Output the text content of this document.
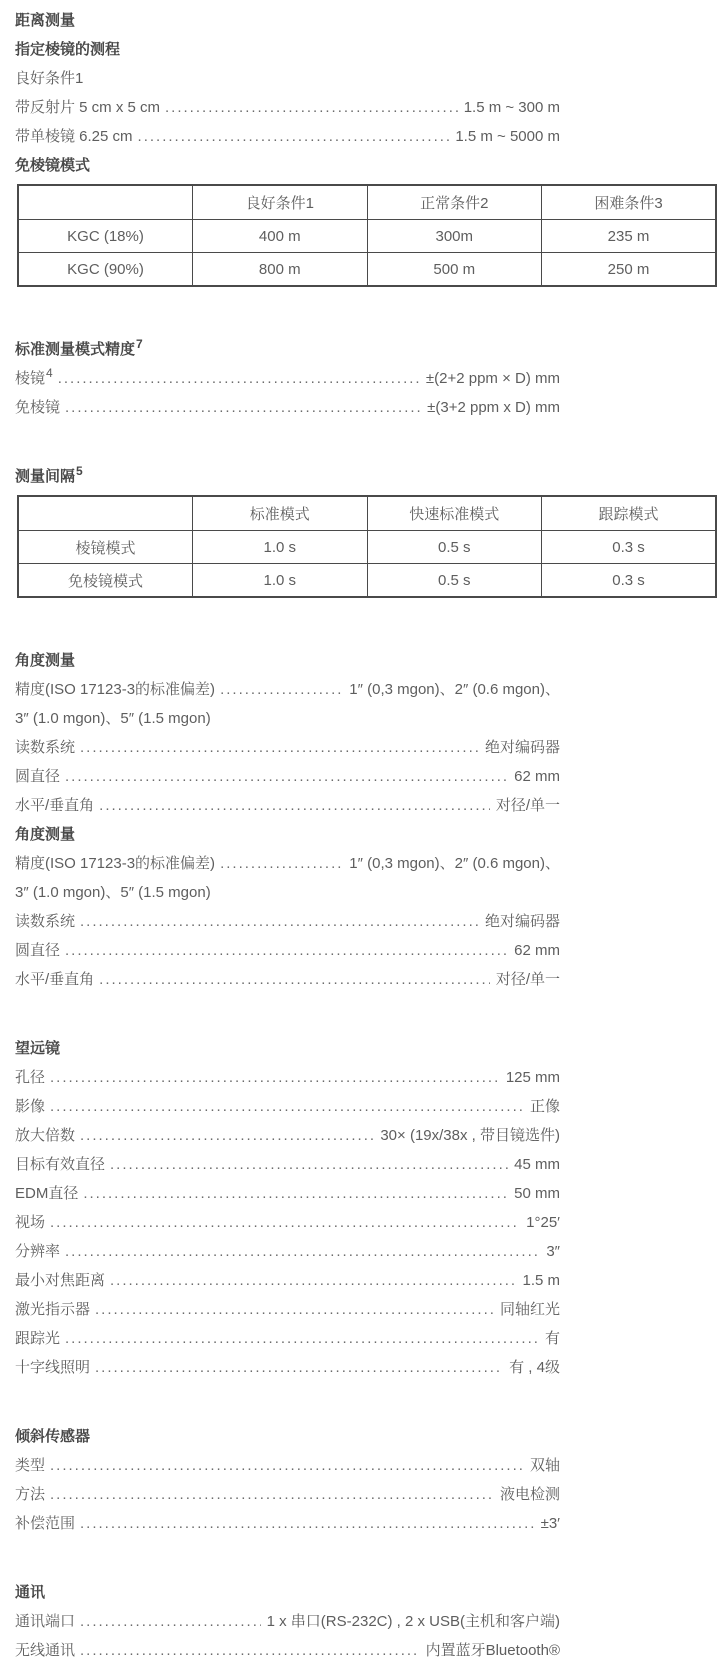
距离测量
指定棱镜的测程
良好条件1
带反射片 5 cm x 5 cm .....	1.5 m ~ 300 m
带单棱镜 6.25 cm .....	1.5 m ~ 5000 m
免棱镜模式
	良好条件1	正常条件2	困难条件3
KGC (18%)	400 m	300m	235 m
KGC (90%)	800 m	500 m	250 m
标准测量模式精度 7
棱镜 4 .....	±(2+2 ppm × D) mm
免棱镜 .....	±(3+2 ppm x D) mm
测量间隔 5
	标准模式	快速标准模式	跟踪模式
棱镜模式	1.0 s	0.5 s	0.3 s
免棱镜模式	1.0 s	0.5 s	0.3 s
角度测量
精度(ISO 17123-3的标准偏差) .....	1″ (0,3 mgon)、2″ (0.6 mgon)、
3″ (1.0 mgon)、5″ (1.5 mgon)
读数系统 .....	绝对编码器
圆直径 .....	62 mm
水平/垂直角 .....	对径/单一
角度测量
精度(ISO 17123-3的标准偏差) .....	1″ (0,3 mgon)、2″ (0.6 mgon)、
3″ (1.0 mgon)、5″ (1.5 mgon)
读数系统 .....	绝对编码器
圆直径 .....	62 mm
水平/垂直角 .....	对径/单一
望远镜
孔径 .....	125 mm
影像 .....	正像
放大倍数 .....	30× (19x/38x , 带目镜选件)
目标有效直径 .....	45 mm
EDM直径 .....	50 mm
视场 .....	1°25′
分辨率 .....	3″
最小对焦距离 .....	1.5 m
激光指示器 .....	同轴红光
跟踪光 .....	有
十字线照明 .....	有 , 4级
倾斜传感器
类型 .....	双轴
方法 .....	液电检测
补偿范围 .....	±3′
通讯
通讯端口 .....	1 x 串口(RS-232C) , 2 x USB(主机和客户端)
无线通讯 .....	内置蓝牙Bluetooth®
